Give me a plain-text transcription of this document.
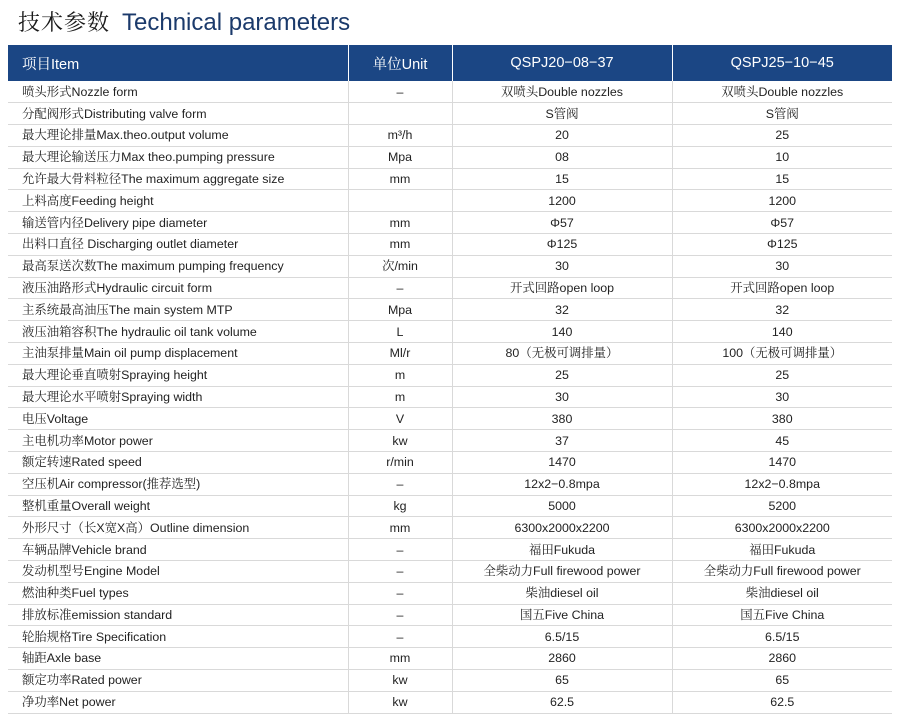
技术参数 Technical parameters
项目Item	单位Unit	QSPJ20−08−37	QSPJ25−10−45
喷头形式Nozzle form	–	双喷头Double nozzles	双喷头Double nozzles
分配阀形式Distributing valve form		S管阀	S管阀
最大理论排量Max.theo.output volume	m³/h	20	25
最大理论输送压力Max theo.pumping pressure	Mpa	08	10
允许最大骨料粒径The maximum aggregate size	mm	15	15
上料高度Feeding height		1200	1200
输送管内径Delivery pipe diameter	mm	Φ57	Φ57
出料口直径 Discharging outlet diameter	mm	Φ125	Φ125
最高泵送次数The maximum pumping frequency	次/min	30	30
液压油路形式Hydraulic circuit form	–	开式回路open loop	开式回路open loop
主系统最高油压The main system MTP	Mpa	32	32
液压油箱容积The hydraulic oil tank volume	L	140	140
主油泵排量Main oil pump displacement	Ml/r	80（无极可调排量）	100（无极可调排量）
最大理论垂直喷射Spraying height	m	25	25
最大理论水平喷射Spraying width	m	30	30
电压Voltage	V	380	380
主电机功率Motor power	kw	37	45
额定转速Rated speed	r/min	1470	1470
空压机Air compressor(推荐选型)	–	12x2−0.8mpa	12x2−0.8mpa
整机重量Overall weight	kg	5000	5200
外形尺寸（长X宽X高）Outline dimension	mm	6300x2000x2200	6300x2000x2200
车辆品牌Vehicle brand	–	福田Fukuda	福田Fukuda
发动机型号Engine Model	–	全柴动力Full firewood power	全柴动力Full firewood power
燃油种类Fuel types	–	柴油diesel oil	柴油diesel oil
排放标准emission standard	–	国五Five China	国五Five China
轮胎规格Tire Specification	–	6.5/15	6.5/15
轴距Axle base	mm	2860	2860
额定功率Rated power	kw	65	65
净功率Net power	kw	62.5	62.5
